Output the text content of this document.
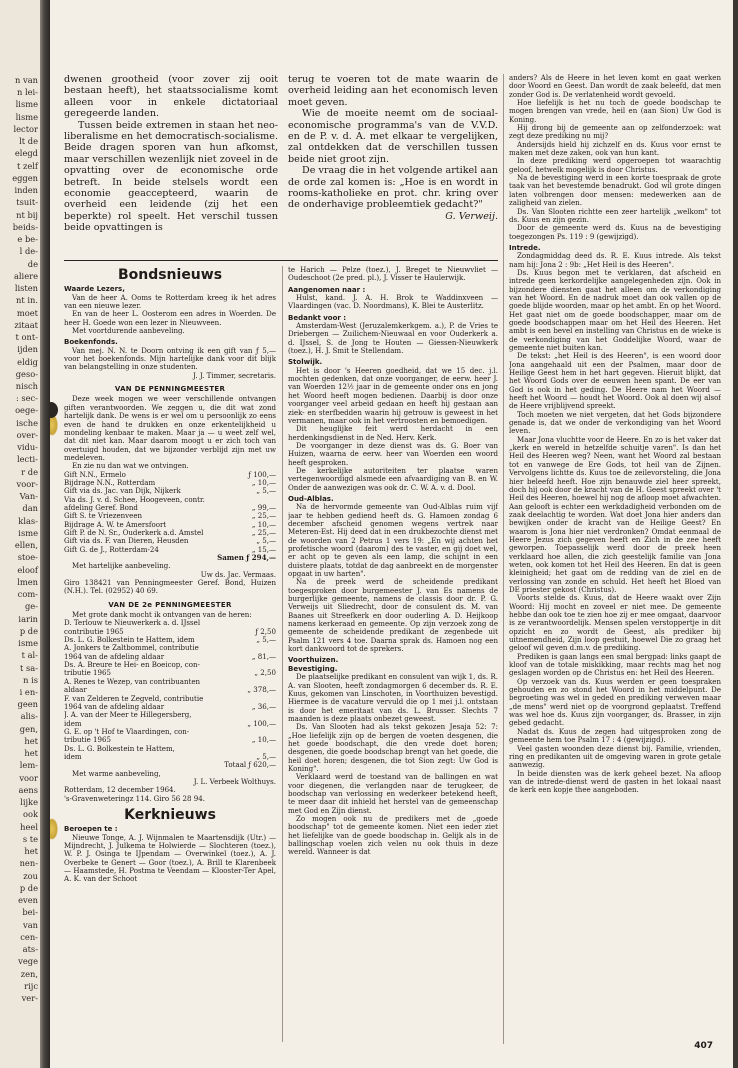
n van
n lei-
lisme
lisme
lector
lt de
elegd
t zelf
eggen
inden
tsuit-
nt bij
beids-
e be-
l de-
de
aliere
listen
nt in.
moet
zitaat
t ont-
ijden
eldig
geso-
nisch
: sec-
oege-
ische
over-
vidu-
lecti-
r de
voor-
Van-
dan
klas-
isme
ellen,
stoe-
eloof
lmen
com-
ge-
iarin
p de
isme
t al-
t sa-
n is
i en-
geen
alis-
gen,
het
het
lem-
voor
aens
lijke
ook
heel
s te
het
nen-
zou
p de
even
bei-
van
cen-
ats-
vege
zen,
rijc
ver-

dwenen grootheid (voor zover zij ooit bestaan heeft), het staatssocialisme komt alleen voor in enkele dictatoriaal geregeerde landen.

Tussen beide extremen in staan het neo-liberalisme en het democratisch-socialisme. Beide dragen sporen van hun afkomst, maar verschillen wezenlijk niet zoveel in de opvatting over de economische orde betreft. In beide stelsels wordt een economie geaccepteerd, waarin de overheid een leidende (zij het een beperkte) rol speelt. Het verschil tussen beide opvattingen is

terug te voeren tot de mate waarin de overheid leiding aan het economisch leven moet geven.

Wie de moeite neemt om de sociaal-economische programma's van de V.V.D. en de P. v. d. A. met elkaar te vergelijken, zal ontdekken dat de verschillen tussen beide niet groot zijn.

De vraag die in het volgende artikel aan de orde zal komen is: „Hoe is en wordt in rooms-katholieke en prot. chr. kring over de onderhavige probleemtiek gedacht?"

G. Verweij.
Bondsnieuws
Waarde Lezers,

Van de heer A. Ooms te Rotterdam kreeg ik het adres van een nieuwe lezer.

En van de heer L. Oosterom een adres in Woerden. De heer H. Goede won een lezer in Nieuwveen.

Met voortdurende aanbeveling.

Boekenfonds.

Van mej. N. N. te Doorn ontving ik een gift van ƒ 5,— voor het boekenfonds. Mijn hartelijke dank voor dit blijk van belangstelling in onze studenten.

J. J. Timmer, secretaris.
VAN DE PENNINGMEESTER

Deze week mogen we weer verschillende ontvangen giften verantwoorden. We zeggen u, die dit wat zond hartelijk dank. De wens is er wel om u persoonlijk zo eens even de hand te drukken en onze erkentelijkheid u mondeling kenbaar te maken. Maar ja — u weet zelf wel, dat dit niet kan. Maar daarom moogt u er zich toch van overtuigd houden, dat we bijzonder verblijd zijn met uw medeleven.

En zie nu dan wat we ontvingen.

Gift N.N., Ermelo	ƒ 100,—
Bijdrage N.N., Rotterdam	„ 10,—
Gift via ds. Jac. van Dijk, Nijkerk	„ 5,—
Via ds. J. v. d. Schee, Hoogeveen, contr.
afdeling Geref. Bond	„ 99,—
Gift S. te Vriezenveen	„ 25,—
Bijdrage A. W. te Amersfoort	„ 10,—
Gift P. de N. Sr., Ouderkerk a.d. Amstel	„ 25,—
Gift via ds. F. van Dieren, Heusden	„ 5,—
Gift G. de J., Rotterdam-24	„ 15,—
Samen ƒ 294,—

Met hartelijke aanbeveling.

Uw ds. Jac. Vermaas.

Giro 138421 van Penningmeester Geref. Bond, Huizen (N.H.). Tel. (02952) 40 69.

VAN DE 2e PENNINGMEESTER

Met grote dank mocht ik ontvangen van de heren:

D. Terlouw te Nieuwerkerk a. d. IJssel
contributie 1965	ƒ 2,50
Ds. L. G. Bolkestein te Hattem, idem	„ 5,—
A. Jonkers te Zaltbommel, contributie
1964 van de afdeling aldaar	„ 81,—
Ds. A. Breure te Hei- en Boeicop, con-
tributie 1965	„ 2,50
A. Renes te Wezep, van contribuanten
aldaar	„ 378,—
F. van Zelderen te Zegveld, contributie
1964 van de afdeling aldaar	„ 36,—
J. A. van der Meer te Hillegersberg,
idem	„ 100,—
G. E. op 't Hof te Vlaardingen, con-
tributie 1965	„ 10,—
Ds. L. G. Bolkestein te Hattem,
idem	„ 5,—
Totaal ƒ 620,—

Met warme aanbeveling,

J. L. Verbeek Wolthuys.
Rotterdam, 12 december 1964.
's-Gravenweteringz 114. Giro 56 28 94.
Kerknieuws
Beroepen te :

Nieuwe Tonge, A. J. Wijnmalen te Maartensdijk (Utr.) — Mijndrecht, J. Julkema te Holwierde — Slochteren (toez.), W. P. J. Osinga te IJpendam — Overwinkel (toez.), A. J. Overbeke te Genert — Goor (toez.), A. Brill te Klarenbeek — Haamstede, H. Postma te Veendam — Klooster-Ter Apel, A. K. van der Schoot

te Harich — Pelze (toez.), J. Breget te Nieuwvliet — Oudeschoot (2e pred. pl.), J. Visser te Haulerwijk.

Aangenomen naar :

Hulst, kand. J. A. H. Brok te Waddinxveen — Vlaardingen (vac. D. Noordmans), K. Blei te Austerlitz.

Bedankt voor :

Amsterdam-West (Jeruzalemkerkgem. a.), P. de Vries te Driebergen — Zuilichem-Nieuwaal en voor Ouderkerk a. d. IJssel, S. de Jong te Houten — Giessen-Nieuwkerk (toez.), H. J. Smit te Stellendam.

Stolwijk.

Het is door 's Heeren goedheid, dat we 15 dec. j.l. mochten gedenken, dat onze voorganger, de eerw. heer J. van Woerden 12½ jaar in de gemeente onder ons en jong het Woord heeft mogen bedienen. Daarbij is door onze voorganger veel arbeid gedaan en heeft hij gestaan aan ziek- en sterfbedden waarin hij getrouw is geweest in het vermanen, maar ook in het vertroosten en bemoedigen.

Dit heuglijke feit werd herdacht in een herdenkingsdienst in de Ned. Herv. Kerk.

De voorganger in deze dienst was ds. G. Boer van Huizen, waarna de eerw. heer van Woerden een woord heeft gesproken.

De kerkelijke autoriteiten ter plaatse waren vertegenwoordigd alsmede een afvaardiging van B. en W. Onder de aanwezigen was ook dr. C. W. A. v. d. Dool.

Oud-Alblas.

Na de hervormde gemeente van Oud-Alblas ruim vijf jaar te hebben gediend heeft ds. G. Hamoen zondag 6 december afscheid genomen wegens vertrek naar Meteren-Est. Hij deed dat in een drukbezochte dienst met de woorden van 2 Petrus 1 vers 19: „En wij achten het profetische woord (daarom) des te vaster, en gij doet wel, er acht op te geven als een lamp, die schijnt in een duistere plaats, totdat de dag aanbreekt en de morgenster opgaat in uw harten".

Na de preek werd de scheidende predikant toegesproken door burgemeester J. van Es namens de burgerlijke gemeente, namens de classis door dr. P. G. Verweijs uit Sliedrecht, door de consulent ds. M. van Baanes uit Streefkerk en door ouderling A. D. Heijkoop namens kerkeraad en gemeente. Op zijn verzoek zong de gemeente de scheidende predikant de zegenbede uit Psalm 121 vers 4 toe. Daarna sprak ds. Hamoen nog een kort dankwoord tot de sprekers.

Voorthuizen.
Bevestiging.

De plaatselijke predikant en consulent van wijk 1, ds. R. A. van Slooten, heeft zondagmorgen 6 december ds. R. E. Kuus, gekomen van Linschoten, in Voorthuizen bevestigd. Hiermee is de vacature vervuld die op 1 mei j.l. ontstaan is door het emeritaat van ds. L. Brusser. Slechts 7 maanden is deze plaats onbezet geweest.

Ds. Van Slooten had als tekst gekozen Jesaja 52: 7: „Hoe liefelijk zijn op de bergen de voeten desgenen, die het goede boodschapt, die den vrede doet horen; desgenen, die goede boodschap brengt van het goede, die heil doet horen; desgenen, die tot Sion zegt: Uw God is Koning".

Verklaard werd de toestand van de ballingen en wat voor diegenen, die verlangden naar de terugkeer, de boodschap van verlossing en wederkeer betekend heeft, te meer daar dit inhield het herstel van de gemeenschap met God en Zijn dienst.

Zo mogen ook nu de predikers met de „goede boodschap" tot de gemeente komen. Niet een ieder ziet het liefelijke van de goede boodschap in. Gelijk als in de ballingschap voelen zich velen nu ook thuis in deze wereld. Wanneer is dat

anders? Als de Heere in het leven komt en gaat werken door Woord en Geest. Dan wordt de zaak beleefd, dat men zonder God is. De verlatenheid wordt gevoeld.

Hoe liefelijk is het nu toch de goede boodschap te mogen brengen van vrede, heil en (aan Sion) Uw God is Koning.

Hij drong bij de gemeente aan op zelfonderzoek: wat zegt deze prediking nu mij?

Andersijds hield hij zichzelf en ds. Kuus voor ernst te maken met deze zaken, ook van hun kant.

In deze prediking werd opgeroepen tot waarachtig geloof, hetwelk mogelijk is door Christus.

Na de bevestiging werd in een korte toespraak de grote taak van het bevestemde benadrukt. God wil grote dingen laten volbrengen door mensen: medewerken aan de zaligheid van zielen.

Ds. Van Slooten richtte een zeer hartelijk „welkom" tot ds. Kuus en zijn gezin.

Door de gemeente werd ds. Kuus na de bevestiging toegezongen Ps. 119 : 9 (gewijzigd).

Intrede.

Zondagmiddag deed ds. R. E. Kuus intrede. Als tekst nam hij: Jona 2 : 9b: „Het Heil is des Heeren".

Ds. Kuus begon met te verklaren, dat afscheid en intrede geen kerkordelijke aangelegenheden zijn. Ook in bijzondere diensten gaat het alleen om de verkondiging van het Woord. En de nadruk moet dan ook vallen op de goede blijde woorden, maar op het ambt. En op het Woord. Het gaat niet om de goede boodschapper, maar om de goede boodschappen maar om het Heil des Heeren. Het ambt is een bevel en instelling van Christus en de wieke is de verkondiging van het Goddelijke Woord, waar de gemeente niet buiten kan.

De tekst: „het Heil is des Heeren", is een woord door Jona aangehaald uit een der Psalmen, maar door de Heilige Geest hem in het hart gegeven. Hieruit blijkt, dat het Woord Gods over de eeuwen heen spant. De eer van God is ook in het geding. De Heere nam het Woord — heeft het Woord — houdt het Woord. Ook al doen wij alsof de Heere vrijblijvend spreekt.

Toch moeten we niet vergeten, dat het Gods bijzondere genade is, dat we onder de verkondiging van het Woord leven.

Maar Jona vluchtte voor de Heere. En zo is het vaker dat „kerk en wereld in hetzelfde schuitje varen". Is dan het Heil des Heeren weg? Neen, want het Woord zal bestaan tot en vanwege de Ere Gods, tot heil van de Zijnen. Vervolgens lichtte ds. Kuus toe de zeilevorsteling, die Jona hier beleefd heeft. Hoe zijn benauwde ziel heer spreekt, doch hij ook door de kracht van de H. Geest spreekt over 't Heil des Heeren, hoewel hij nog de afloop moet afwachten. Aan gelooft is echter een werkdadigheid verbonden om de zaak deelachtig te worden. Wat doet Jona hier anders dan bewijken onder de kracht van de Heilige Geest? En waarom is Jona hier niet verdronken? Omdat eenmaal de Heere Jezus zich gegeven heeft en Zich in de zee heeft geworpen. Toepasselijk werd door de preek heen verklaard hoe allen, die zich geestelijk familie van Jona weten, ook komen tot het Heil des Heeren. En dat is geen kleinigheid; het gaat om de redding van de ziel en de verlossing van zonde en schuld. Het heeft het Bloed van DE priester gekost (Christus).

Voorts stelde ds. Kuus, dat de Heere waakt over Zijn Woord: Hij mocht en zoveel er niet mee. De gemeente hebbe dan ook toe te zien hoe zij er mee omgaat, daarvoor is ze verantwoordelijk. Mensen spelen verstoppertje in dit opzicht en zo wordt de Geest, als prediker bij uitnemendheid, Zijn loop gestuit, hoewel Die zo graag het geloof wil geven d.m.v. de prediking.

Prediken is gaan langs een smal bergpad: links gaapt de kloof van de totale miskikking, maar rechts mag het nog geslagen worden op de Christus en: het Heil des Heeren.

Op verzoek van ds. Kuus werden er geen toespraken gehouden en zo stond het Woord in het middelpunt. De begroeting was wel in geded en prediking verweven maar „de mens" werd niet op de voorgrond geplaatst. Treffend was wel hoe ds. Kuus zijn voorganger, ds. Brasser, in zijn gebed gedacht.

Nadat ds. Kuus de zegen had uitgesproken zong de gemeente hem toe Psalm 17 : 4 (gewijzigd).

Veel gasten woonden deze dienst bij. Familie, vrienden, ring en predikanten uit de omgeving waren in grote getale aanwezig.

In beide diensten was de kerk geheel bezet. Na afloop van de intrede-dienst werd de gasten in het lokaal naast de kerk een kopje thee aangeboden.

407
